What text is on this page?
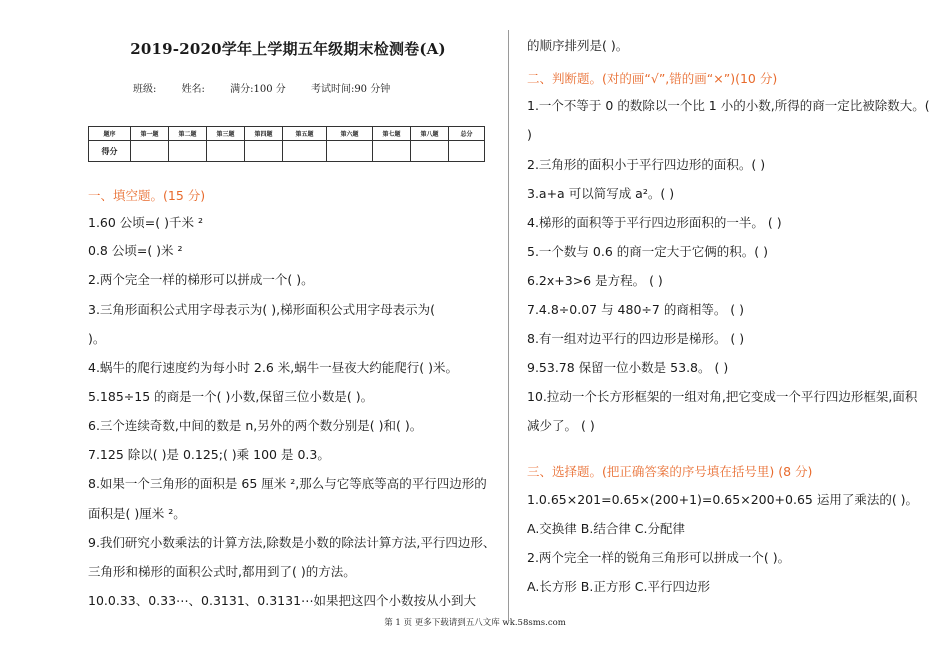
2019-2020学年上学期五年级期末检测卷(A)
班级:	姓名:	满分:100 分	考试时间:90 分钟
题序	第一题	第二题	第三题	第四题	第五题	第六题	第七题	第八题	总分
得分									
一、填空题。(15 分)
1.60 公顷=( )千米 ²
0.8 公顷=( )米 ²
2.两个完全一样的梯形可以拼成一个( )。
3.三角形面积公式用字母表示为( ),梯形面积公式用字母表示为(
)。
4.蜗牛的爬行速度约为每小时 2.6 米,蜗牛一昼夜大约能爬行( )米。
5.185÷15 的商是一个( )小数,保留三位小数是( )。
6.三个连续奇数,中间的数是 n,另外的两个数分别是( )和( )。
7.125 除以( )是 0.125;( )乘 100 是 0.3。
8.如果一个三角形的面积是 65 厘米 ²,那么与它等底等高的平行四边形的
面积是( )厘米 ²。
9.我们研究小数乘法的计算方法,除数是小数的除法计算方法,平行四边形、
三角形和梯形的面积公式时,都用到了( )的方法。
10.0.33、0.33⋯、0.3131、0.3131⋯如果把这四个小数按从小到大
的顺序排列是( )。
二、判断题。(对的画“√”,错的画“×”)(10 分)
1.一个不等于 0 的数除以一个比 1 小的小数,所得的商一定比被除数大。(
)
2.三角形的面积小于平行四边形的面积。( )
3.a+a 可以简写成 a²。( )
4.梯形的面积等于平行四边形面积的一半。 ( )
5.一个数与 0.6 的商一定大于它俩的积。( )
6.2x+3>6 是方程。 ( )
7.4.8÷0.07 与 480÷7 的商相等。 ( )
8.有一组对边平行的四边形是梯形。 ( )
9.53.78 保留一位小数是 53.8。 ( )
10.拉动一个长方形框架的一组对角,把它变成一个平行四边形框架,面积
减少了。 ( )
三、选择题。(把正确答案的序号填在括号里) (8 分)
1.0.65×201=0.65×(200+1)=0.65×200+0.65 运用了乘法的( )。
A.交换律 B.结合律 C.分配律
2.两个完全一样的锐角三角形可以拼成一个( )。
A.长方形 B.正方形 C.平行四边形
第 1 页 更多下载请到五八文库 wk.58sms.com
